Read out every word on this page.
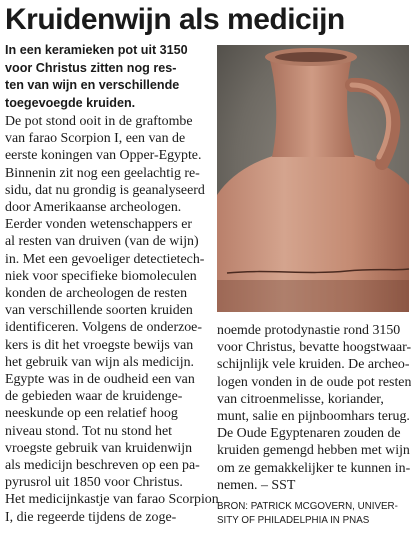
Kruidenwijn als medicijn
In een keramieken pot uit 3150
voor Christus zitten nog res-
ten van wijn en verschillende
toegevoegde kruiden.
De pot stond ooit in de graftombe
van farao Scorpion I, een van de
eerste koningen van Opper-Egypte.
Binnenin zit nog een geelachtig re-
sidu, dat nu grondig is geanalyseerd
door Amerikaanse archeologen.
Eerder vonden wetenschappers er
al resten van druiven (van de wijn)
in. Met een gevoeliger detectietech-
niek voor specifieke biomoleculen
konden de archeologen de resten
van verschillende soorten kruiden
identificeren. Volgens de onderzoe-
kers is dit het vroegste bewijs van
het gebruik van wijn als medicijn.
Egypte was in de oudheid een van
de gebieden waar de kruidenge-
neeskunde op een relatief hoog
niveau stond. Tot nu stond het
vroegste gebruik van kruidenwijn
als medicijn beschreven op een pa-
pyrusrol uit 1850 voor Christus.
Het medicijnkastje van farao Scorpion
I, die regeerde tijdens de zoge-
noemde protodynastie rond 3150
voor Christus, bevatte hoogstwaar-
schijnlijk vele kruiden. De archeo-
logen vonden in de oude pot resten
van citroenmelisse, koriander,
munt, salie en pijnboomhars terug.
De Oude Egyptenaren zouden de
kruiden gemengd hebben met wijn
om ze gemakkelijker te kunnen in-
nemen. – SST
BRON: PATRICK MCGOVERN, UNIVER-
SITY OF PHILADELPHIA IN PNAS
